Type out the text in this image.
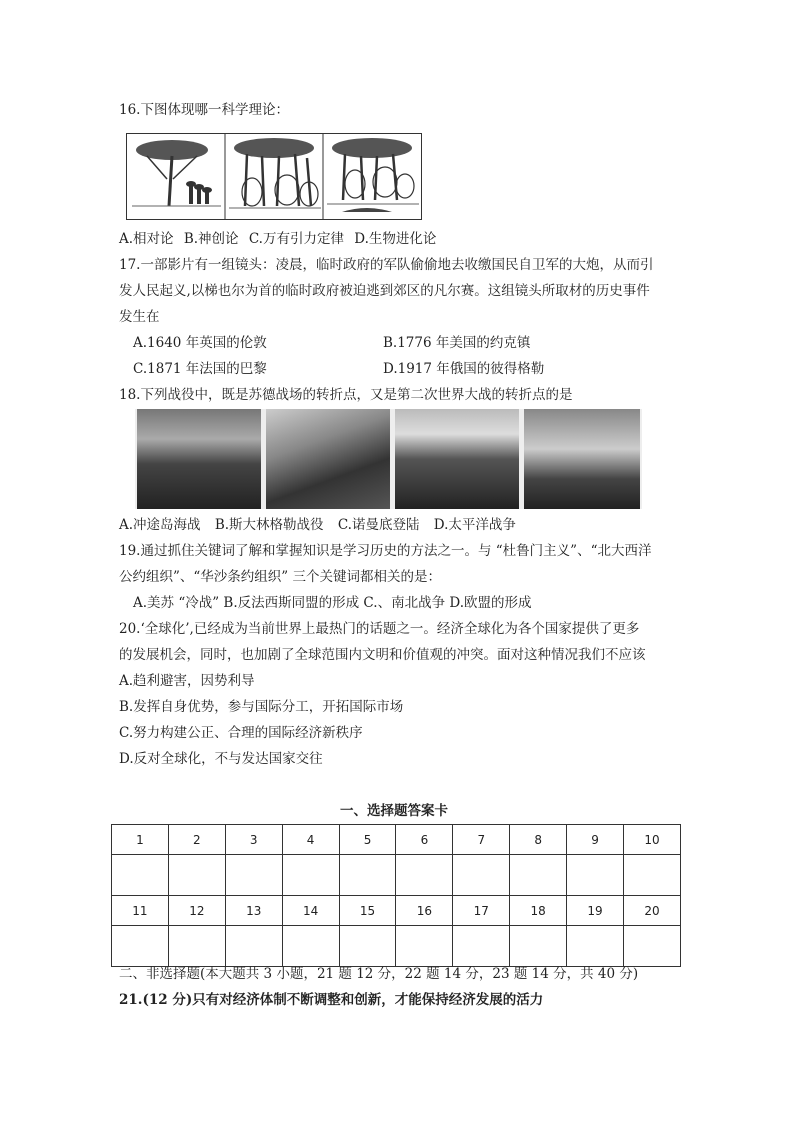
16.下图体现哪一科学理论：
A.相对论 B.神创论 C.万有引力定律 D.生物进化论
17.一部影片有一组镜头：凌晨，临时政府的军队偷偷地去收缴国民自卫军的大炮，从而引
发人民起义,以梯也尔为首的临时政府被迫逃到郊区的凡尔赛。这组镜头所取材的历史事件
发生在
A.1640 年英国的伦敦	B.1776 年美国的约克镇
C.1871 年法国的巴黎	D.1917 年俄国的彼得格勒
18.下列战役中，既是苏德战场的转折点，又是第二次世界大战的转折点的是
A.冲途岛海战 B.斯大林格勒战役 C.诺曼底登陆 D.太平洋战争
19.通过抓住关键词了解和掌握知识是学习历史的方法之一。与 “杜鲁门主义”、“北大西洋
公约组织”、“华沙条约组织” 三个关键词都相关的是：
A.美苏 “冷战” B.反法西斯同盟的形成 C.、南北战争 D.欧盟的形成
20.‘全球化’,已经成为当前世界上最热门的话题之一。经济全球化为各个国家提供了更多
的发展机会，同时，也加剧了全球范围内文明和价值观的冲突。面对这种情况我们不应该
A.趋利避害，因势利导
B.发挥自身优势，参与国际分工，开拓国际市场
C.努力构建公正、合理的国际经济新秩序
D.反对全球化，不与发达国家交往
一、选择题答案卡
1	2	3	4	5	6	7	8	9	10

11	12	13	14	15	16	17	18	19	20

二、非选择题(本大题共 3 小题，21 题 12 分，22 题 14 分，23 题 14 分，共 40 分)
21.(12 分)只有对经济体制不断调整和创新，才能保持经济发展的活力
